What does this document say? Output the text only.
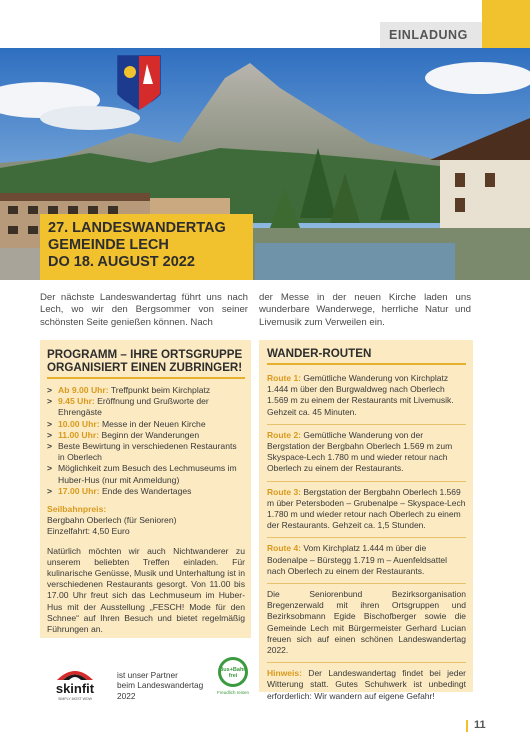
EINLADUNG
27. LANDESWANDERTAG
GEMEINDE LECH
DO 18. AUGUST 2022
Der nächste Landeswandertag führt uns nach Lech, wo wir den Bergsommer von seiner schönsten Seite genießen können. Nach
der Messe in der neuen Kirche laden uns wunderbare Wanderwege, herrliche Natur und Livemusik zum Verweilen ein.
PROGRAMM – IHRE ORTSGRUPPE
ORGANISIERT EINEN ZUBRINGER!
> Ab 9.00 Uhr: Treffpunkt beim Kirchplatz
> 9.45 Uhr: Eröffnung und Grußworte der Ehrengäste
> 10.00 Uhr: Messe in der Neuen Kirche
> 11.00 Uhr: Beginn der Wanderungen
> Beste Bewirtung in verschiedenen Restaurants in Oberlech
> Möglichkeit zum Besuch des Lechmuseums im Huber-Hus (nur mit Anmeldung)
> 17.00 Uhr: Ende des Wandertages

Seilbahnpreis:

Bergbahn Oberlech (für Senioren)

Einzelfahrt: 4,50 Euro

Natürlich möchten wir auch Nichtwanderer zu unserem beliebten Treffen einladen. Für kulinarische Genüsse, Musik und Unterhaltung ist in verschiedenen Restaurants gesorgt. Von 11.00 bis 17.00 Uhr freut sich das Lechmuseum im Huber-Hus mit der Ausstellung „FESCH! Mode für den Schnee“ auf Ihren Besuch und bietet regelmäßig Führungen an.

WANDER-ROUTEN

Route 1: Gemütliche Wanderung von Kirchplatz 1.444 m über den Burgwaldweg nach Oberlech 1.569 m zu einem der Restaurants mit Livemusik. Gehzeit ca. 45 Minuten.

Route 2: Gemütliche Wanderung von der Bergstation der Bergbahn Oberlech 1.569 m zum Skyspace-Lech 1.780 m und wieder retour nach Oberlech zu einem der Restaurants.

Route 3: Bergstation der Bergbahn Oberlech 1.569 m über Petersboden – Grubenalpe – Skyspace-Lech 1.780 m und wieder retour nach Oberlech zu einem der Restaurants. Gehzeit ca. 1,5 Stunden.

Route 4: Vom Kirchplatz 1.444 m über die Bodenalpe – Bürstegg 1.719 m – Auenfeldsattel nach Oberlech zu einem der Restaurants.

Die Seniorenbund Bezirksorganisation Bregenzerwald mit ihren Ortsgruppen und Bezirksobmann Egide Bischofberger sowie die Gemeinde Lech mit Bürgermeister Gerhard Lucian freuen sich auf einen schönen Landeswandertag 2022.

Hinweis: Der Landeswandertag findet bei jeder Witterung statt. Gutes Schuhwerk ist unbedingt erforderlich: Wir wandern auf eigene Gefahr!

skinfit
SIMPLY MOST WOW
ist unser Partner
beim Landeswandertag
2022
Bus+Bahn
frei
Freudlich reisen
11
